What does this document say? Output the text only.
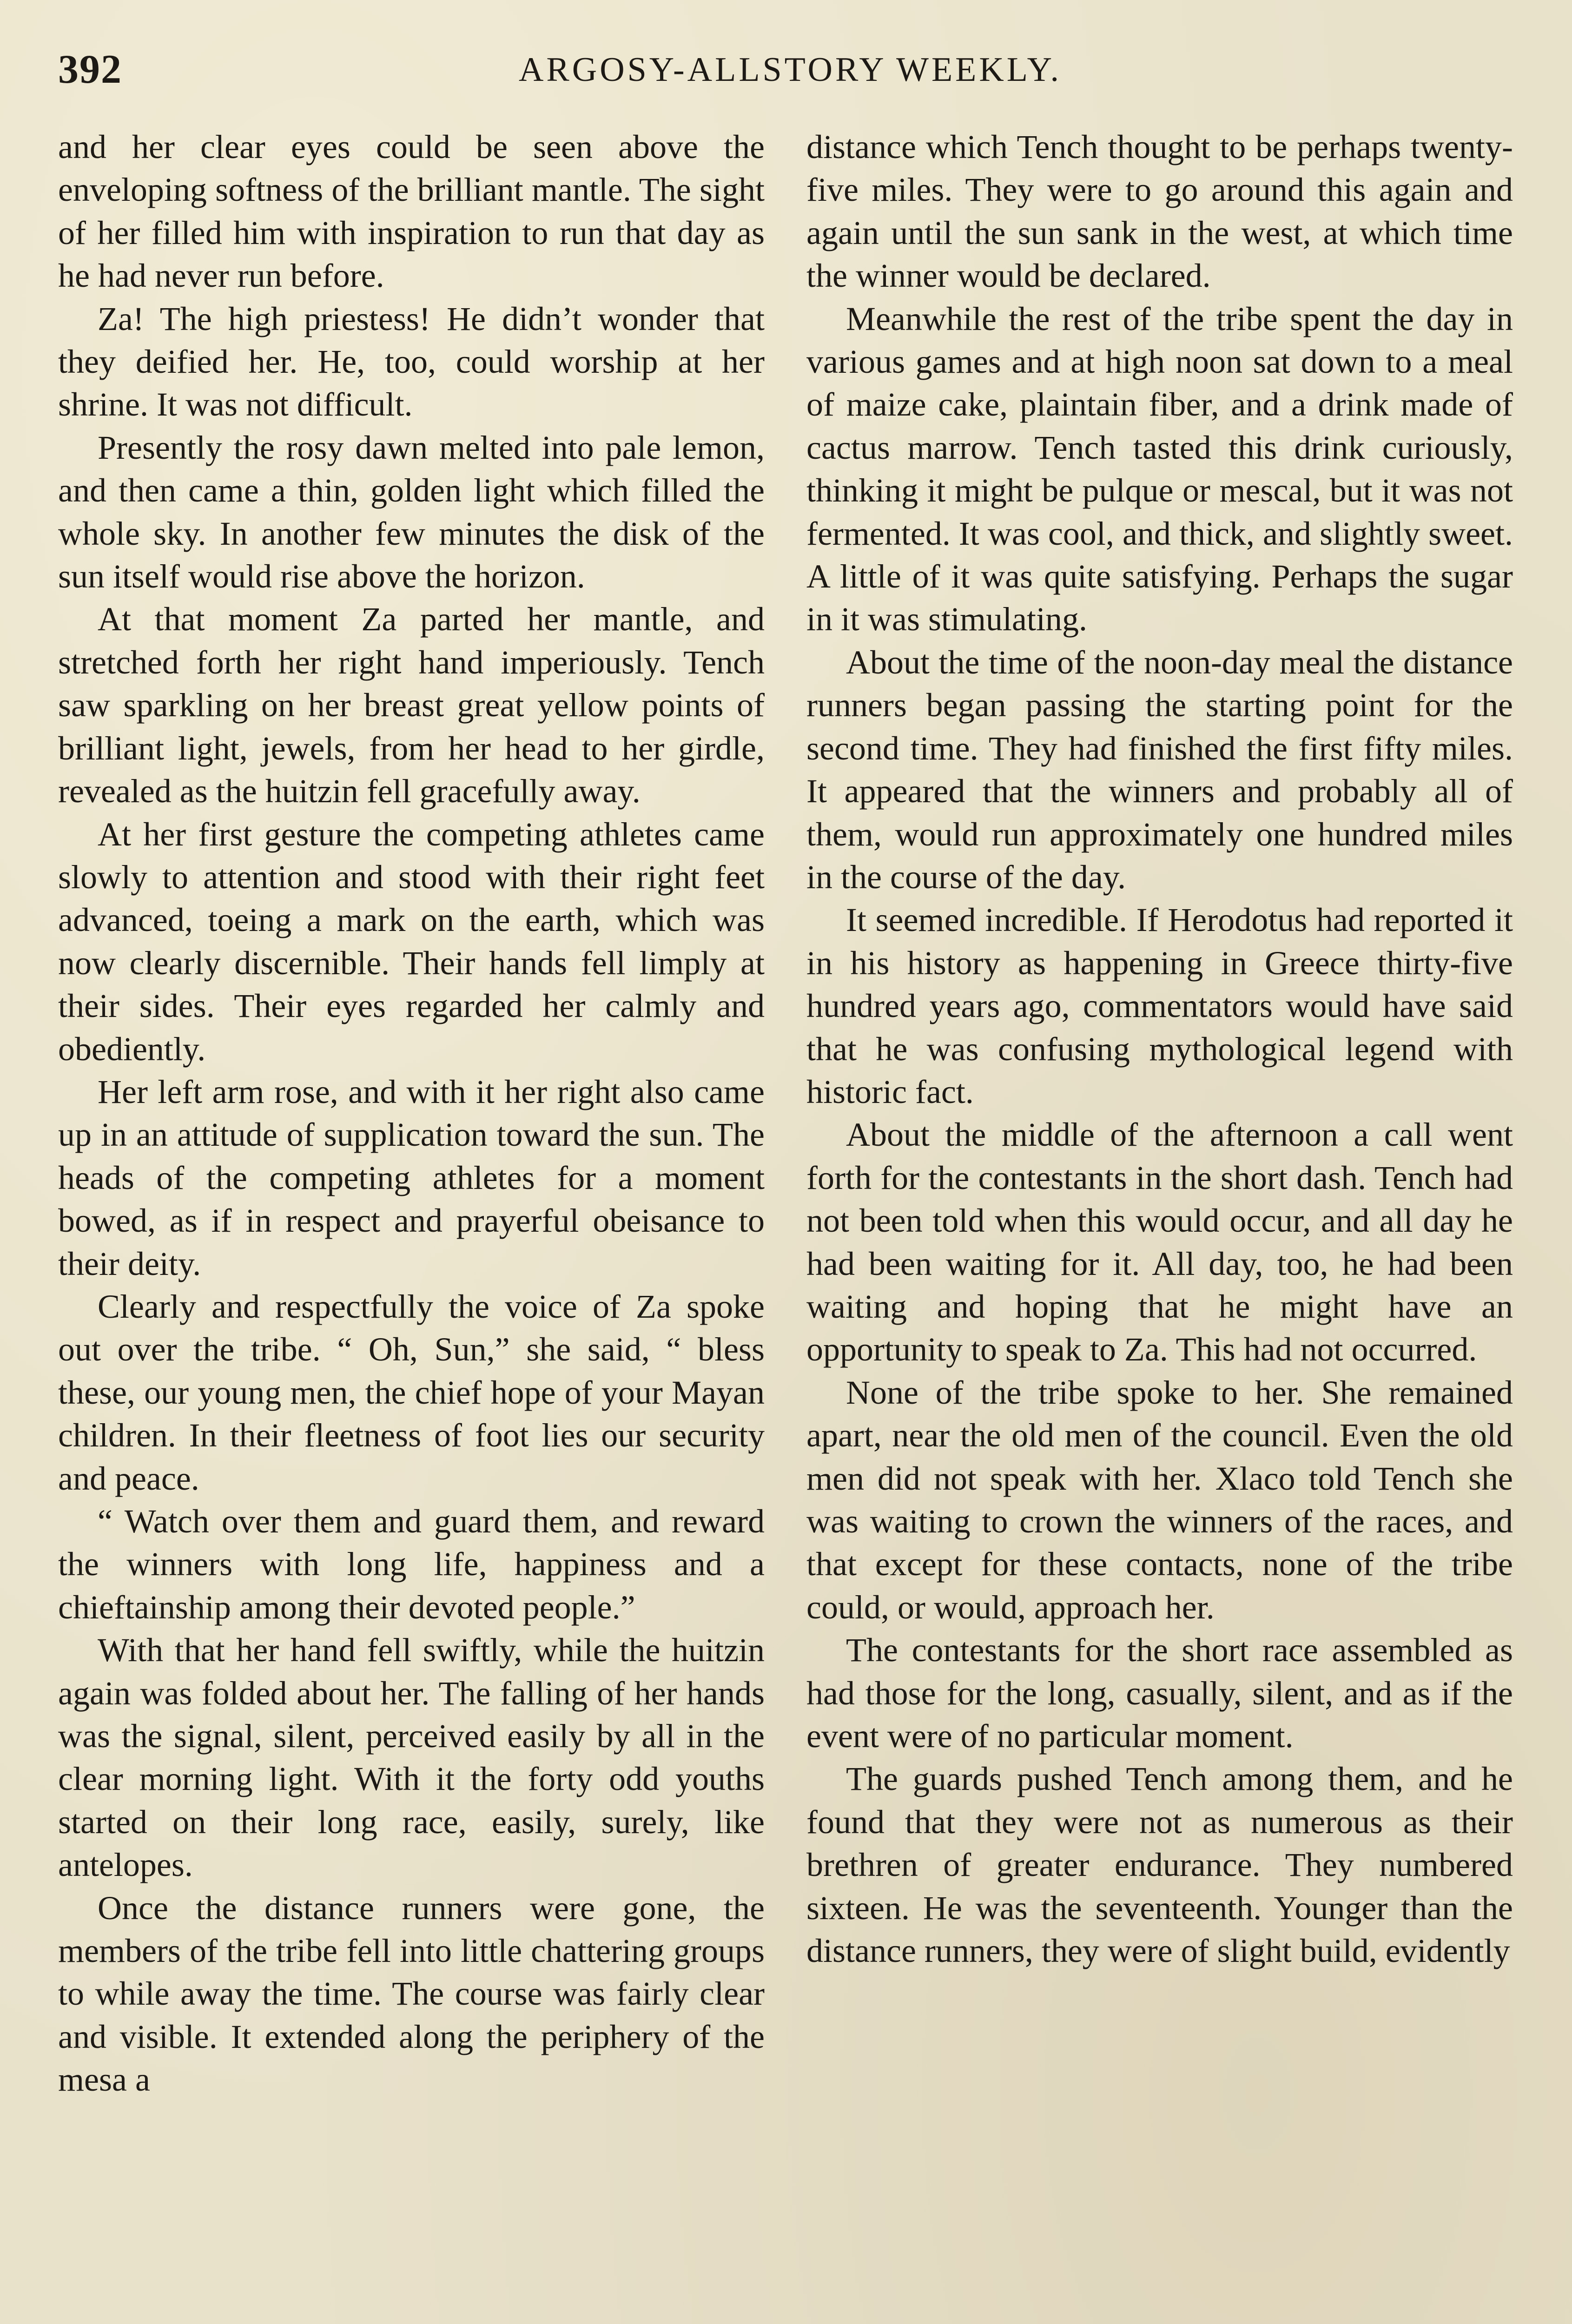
392	ARGOSY-ALLSTORY WEEKLY.

and her clear eyes could be seen above the enveloping softness of the brilliant mantle. The sight of her filled him with inspiration to run that day as he had never run before.

Za! The high priestess! He didn’t wonder that they deified her. He, too, could worship at her shrine. It was not difficult.

Presently the rosy dawn melted into pale lemon, and then came a thin, golden light which filled the whole sky. In another few minutes the disk of the sun itself would rise above the horizon.

At that moment Za parted her mantle, and stretched forth her right hand imperiously. Tench saw sparkling on her breast great yellow points of brilliant light, jewels, from her head to her girdle, revealed as the huitzin fell gracefully away.

At her first gesture the competing athletes came slowly to attention and stood with their right feet advanced, toeing a mark on the earth, which was now clearly discernible. Their hands fell limply at their sides. Their eyes regarded her calmly and obediently.

Her left arm rose, and with it her right also came up in an attitude of supplication toward the sun. The heads of the competing athletes for a moment bowed, as if in respect and prayerful obeisance to their deity.

Clearly and respectfully the voice of Za spoke out over the tribe. “ Oh, Sun,” she said, “ bless these, our young men, the chief hope of your Mayan children. In their fleetness of foot lies our security and peace.

“ Watch over them and guard them, and reward the winners with long life, happiness and a chieftainship among their devoted people.”

With that her hand fell swiftly, while the huitzin again was folded about her. The falling of her hands was the signal, silent, perceived easily by all in the clear morning light. With it the forty odd youths started on their long race, easily, surely, like antelopes.

Once the distance runners were gone, the members of the tribe fell into little chattering groups to while away the time. The course was fairly clear and visible. It extended along the periphery of the mesa a

distance which Tench thought to be perhaps twenty-five miles. They were to go around this again and again until the sun sank in the west, at which time the winner would be declared.

Meanwhile the rest of the tribe spent the day in various games and at high noon sat down to a meal of maize cake, plaintain fiber, and a drink made of cactus marrow. Tench tasted this drink curiously, thinking it might be pulque or mescal, but it was not fermented. It was cool, and thick, and slightly sweet. A little of it was quite satisfying. Perhaps the sugar in it was stimulating.

About the time of the noon-day meal the distance runners began passing the starting point for the second time. They had finished the first fifty miles. It appeared that the winners and probably all of them, would run approximately one hundred miles in the course of the day.

It seemed incredible. If Herodotus had reported it in his history as happening in Greece thirty-five hundred years ago, commentators would have said that he was confusing mythological legend with historic fact.

About the middle of the afternoon a call went forth for the contestants in the short dash. Tench had not been told when this would occur, and all day he had been waiting for it. All day, too, he had been waiting and hoping that he might have an opportunity to speak to Za. This had not occurred.

None of the tribe spoke to her. She remained apart, near the old men of the council. Even the old men did not speak with her. Xlaco told Tench she was waiting to crown the winners of the races, and that except for these contacts, none of the tribe could, or would, approach her.

The contestants for the short race assembled as had those for the long, casually, silent, and as if the event were of no particular moment.

The guards pushed Tench among them, and he found that they were not as numerous as their brethren of greater endurance. They numbered sixteen. He was the seventeenth. Younger than the distance runners, they were of slight build, evidently
